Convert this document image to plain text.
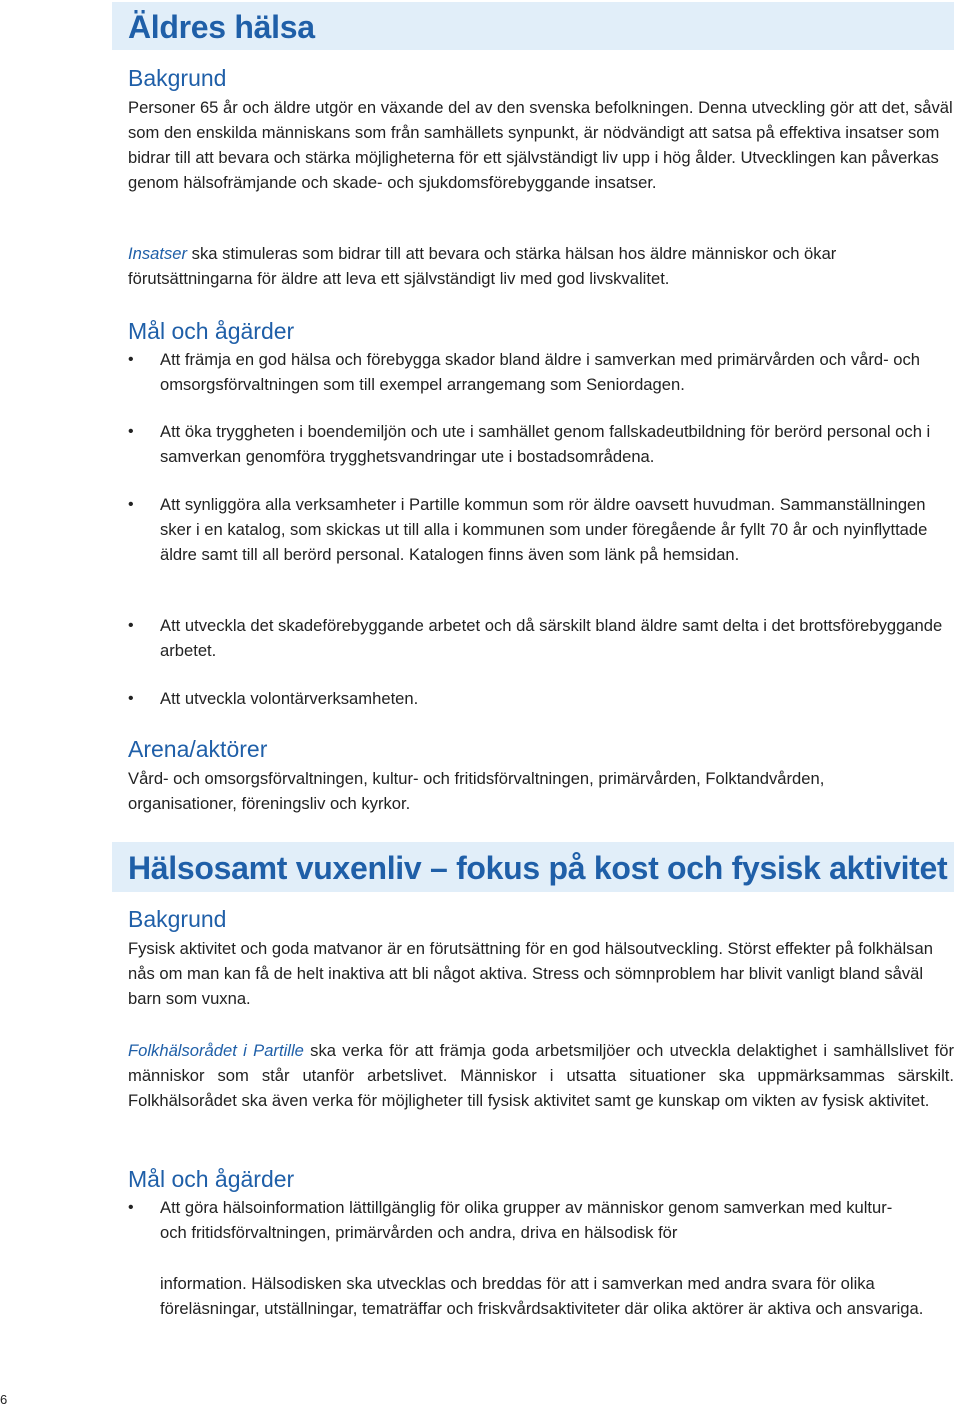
Äldres hälsa
Bakgrund

Personer 65 år och äldre utgör en växande del av den svenska befolkningen. Denna utveckling gör att det, såväl som den enskilda människans som från samhällets synpunkt, är nödvändigt att satsa på effektiva insatser som bidrar till att bevara och stärka möjligheterna för ett självständigt liv upp i hög ålder. Utvecklingen kan påverkas genom hälsofrämjande och skade- och sjukdomsförebyggande insatser.

Insatser ska stimuleras som bidrar till att bevara och stärka hälsan hos äldre människor och ökar förutsättningarna för äldre att leva ett självständigt liv med god livskvalitet.

Mål och ågärder
• Att främja en god hälsa och förebygga skador bland äldre i samverkan med primärvården och vård- och omsorgsförvaltningen som till exempel arrangemang som Seniordagen.

• Att öka tryggheten i boendemiljön och ute i samhället genom fallskadeutbildning för berörd personal och i samverkan genomföra trygghetsvandringar ute i bostadsområdena.

• Att synliggöra alla verksamheter i Partille kommun som rör äldre oavsett huvudman. Sammanställningen sker i en katalog, som skickas ut till alla i kommunen som under föregående år fyllt 70 år och nyinflyttade äldre samt till all berörd personal. Katalogen finns även som länk på hemsidan.

• Att utveckla det skadeförebyggande arbetet och då särskilt bland äldre samt delta i det brottsförebyggande arbetet.

• Att utveckla volontärverksamheten.

Arena/aktörer

Vård- och omsorgsförvaltningen, kultur- och fritidsförvaltningen, primärvården, Folktandvården, organisationer, föreningsliv och kyrkor.

Hälsosamt vuxenliv – fokus på kost och fysisk aktivitet
Bakgrund

Fysisk aktivitet och goda matvanor är en förutsättning för en god hälsoutveckling. Störst effekter på folkhälsan nås om man kan få de helt inaktiva att bli något aktiva. Stress och sömnproblem har blivit vanligt bland såväl barn som vuxna.

Folkhälsorådet i Partille ska verka för att främja goda arbetsmiljöer och utveckla delaktighet i samhällslivet för människor som står utanför arbetslivet. Människor i utsatta situationer ska uppmärksammas särskilt. Folkhälsorådet ska även verka för möjligheter till fysisk aktivitet samt ge kunskap om vikten av fysisk aktivitet.

Mål och ågärder
• Att göra hälsoinformation lättillgänglig för olika grupper av människor genom samverkan med kultur- och fritidsförvaltningen, primärvården och andra, driva en hälsodisk för

information. Hälsodisken ska utvecklas och breddas för att i samverkan med andra svara för olika föreläsningar, utställningar, tematräffar och friskvårdsaktiviteter där olika aktörer är aktiva och ansvariga.

6
